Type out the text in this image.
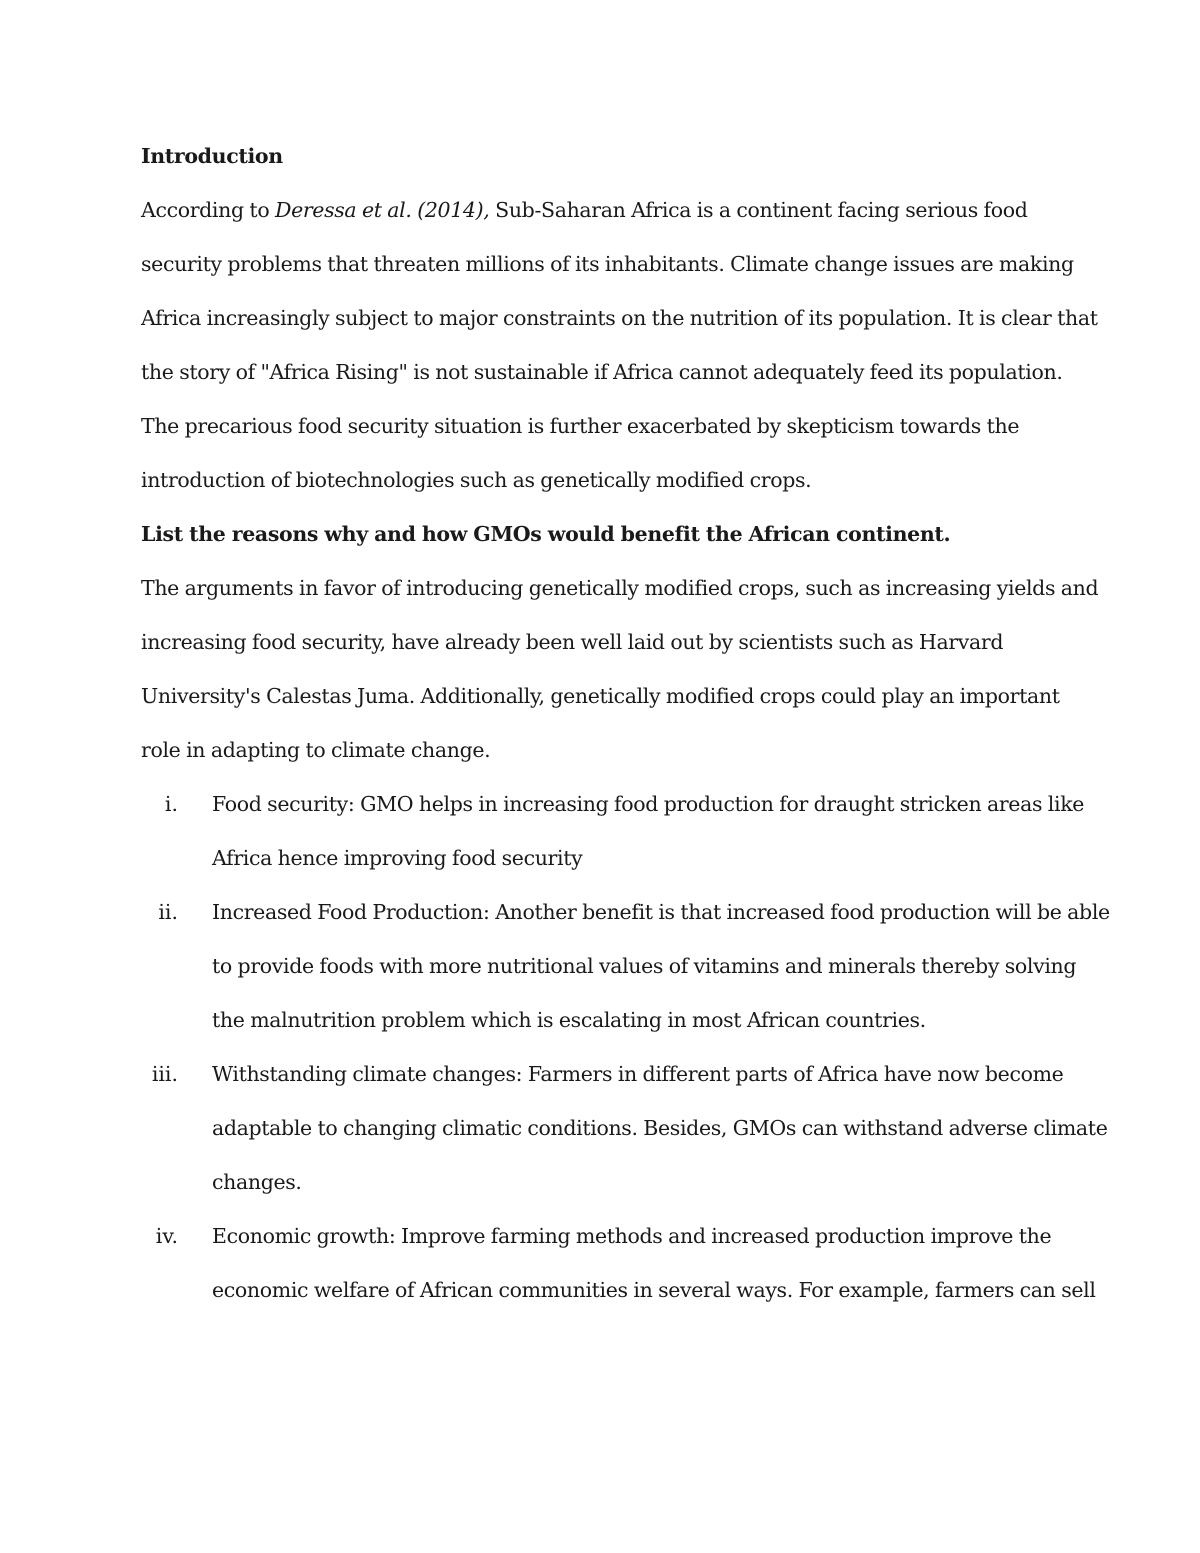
Introduction
According to Deressa et al. (2014), Sub-Saharan Africa is a continent facing serious food
security problems that threaten millions of its inhabitants. Climate change issues are making
Africa increasingly subject to major constraints on the nutrition of its population. It is clear that
the story of "Africa Rising" is not sustainable if Africa cannot adequately feed its population.
The precarious food security situation is further exacerbated by skepticism towards the
introduction of biotechnologies such as genetically modified crops.
List the reasons why and how GMOs would benefit the African continent.
The arguments in favor of introducing genetically modified crops, such as increasing yields and
increasing food security, have already been well laid out by scientists such as Harvard
University's Calestas Juma. Additionally, genetically modified crops could play an important
role in adapting to climate change.
i. Food security: GMO helps in increasing food production for draught stricken areas like
Africa hence improving food security
ii. Increased Food Production: Another benefit is that increased food production will be able
to provide foods with more nutritional values of vitamins and minerals thereby solving
the malnutrition problem which is escalating in most African countries.
iii. Withstanding climate changes: Farmers in different parts of Africa have now become
adaptable to changing climatic conditions. Besides, GMOs can withstand adverse climate
changes.
iv. Economic growth: Improve farming methods and increased production improve the
economic welfare of African communities in several ways. For example, farmers can sell
